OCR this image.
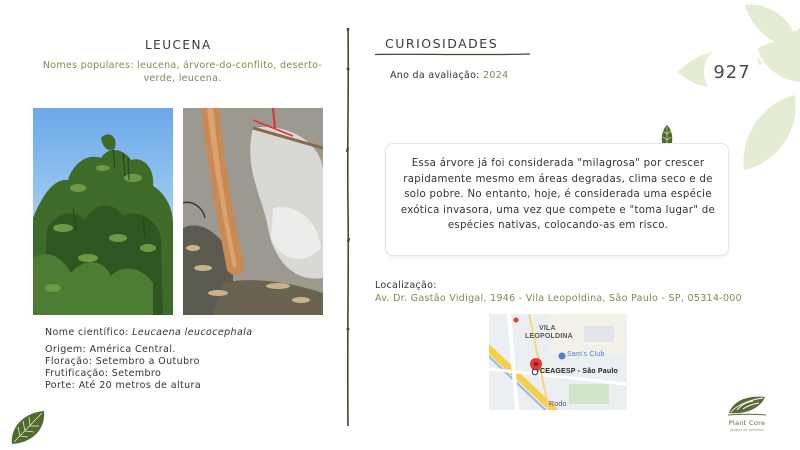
927
LEUCENA
Nomes populares: leucena, árvore-do-conflito, deserto-verde, leucena.
Nome científico: Leucaena leucocephala
Origem: América Central.
Floração: Setembro a Outubro
Frutificação: Setembro
Porte: Até 20 metros de altura
CURIOSIDADES
Ano da avaliação: 2024

Essa árvore já foi considerada "milagrosa" por crescer rapidamente mesmo em áreas degradas, clima seco e de solo pobre. No entanto, hoje, é considerada uma espécie exótica invasora, uma vez que compete e "toma lugar" de espécies nativas, colocando-as em risco.

Localização:
Av. Dr. Gastão Vidigal, 1946 - Vila Leopoldina, São Paulo - SP, 05314-000
VILA
LEOPOLDINA
Sam's Club
CEAGESP - São Paulo
Rodo
Plant Core
jardins de primeira
